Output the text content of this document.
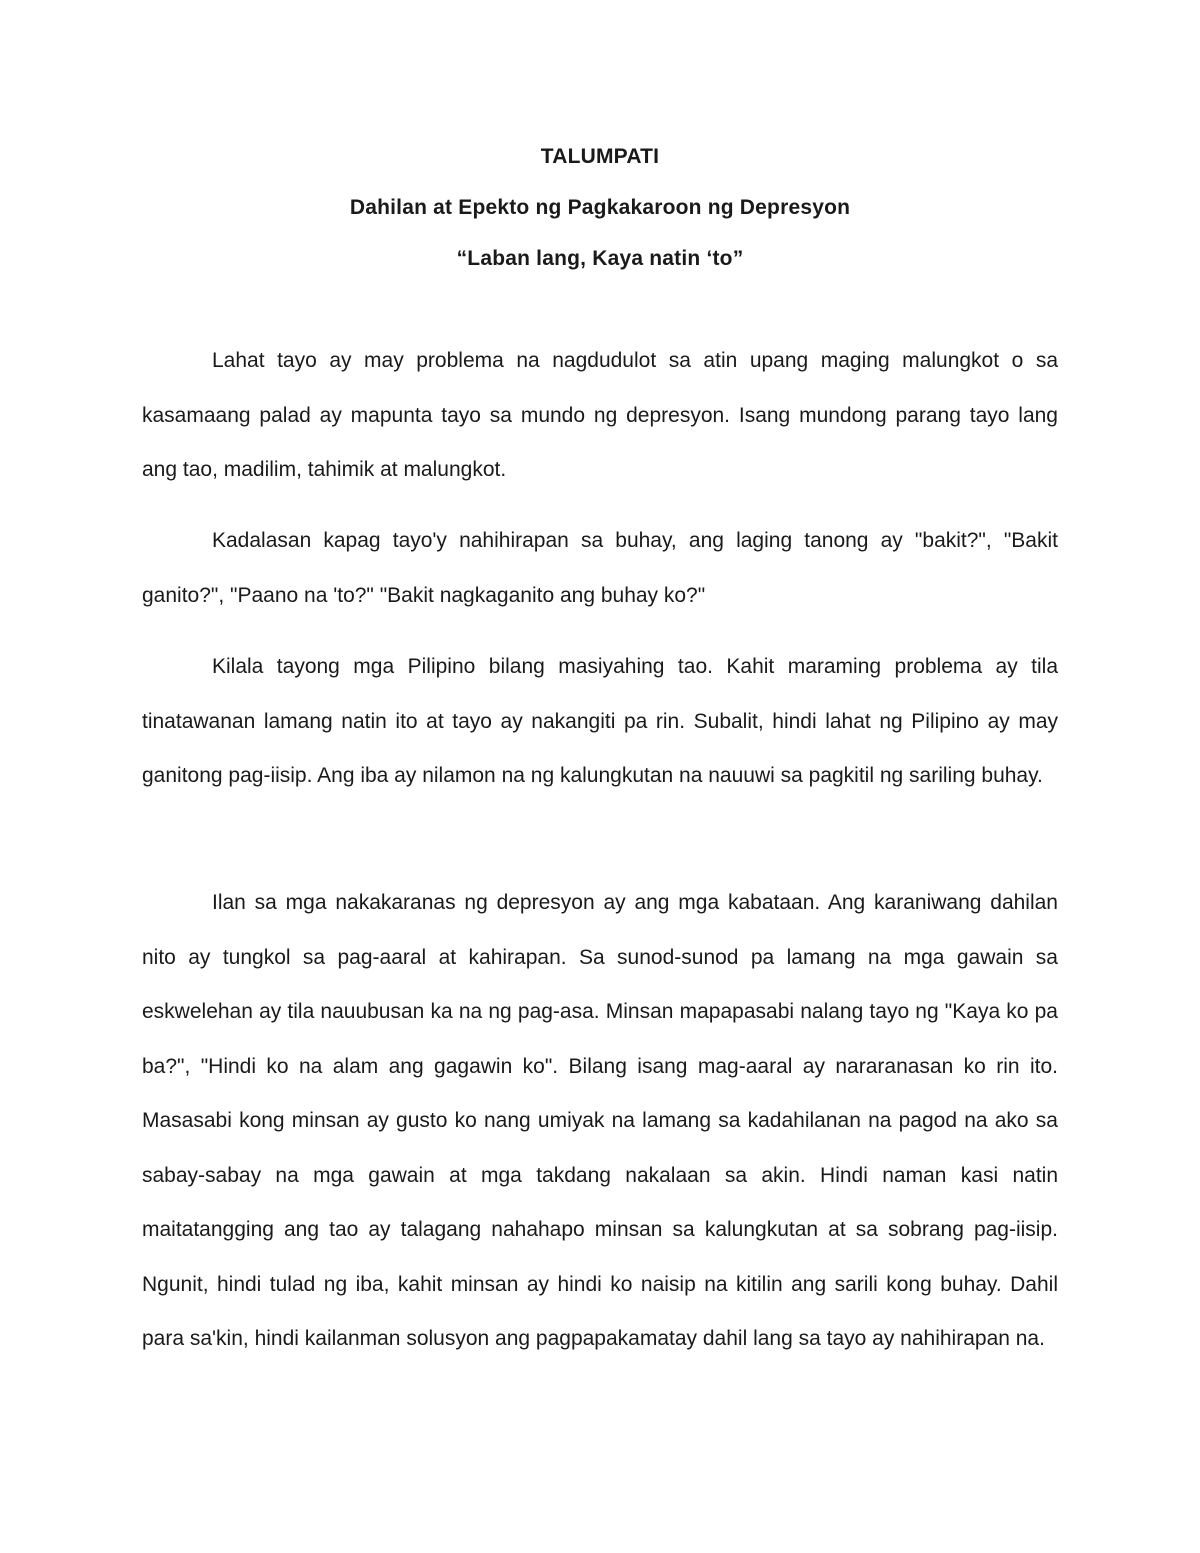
TALUMPATI
Dahilan at Epekto ng Pagkakaroon ng Depresyon
“Laban lang, Kaya natin ‘to”

Lahat tayo ay may problema na nagdudulot sa atin upang maging malungkot o sa kasamaang palad ay mapunta tayo sa mundo ng depresyon. Isang mundong parang tayo lang ang tao, madilim, tahimik at malungkot.

Kadalasan kapag tayo'y nahihirapan sa buhay, ang laging tanong ay "bakit?", "Bakit ganito?", "Paano na 'to?" "Bakit nagkaganito ang buhay ko?"

Kilala tayong mga Pilipino bilang masiyahing tao. Kahit maraming problema ay tila tinatawanan lamang natin ito at tayo ay nakangiti pa rin. Subalit, hindi lahat ng Pilipino ay may ganitong pag-iisip. Ang iba ay nilamon na ng kalungkutan na nauuwi sa pagkitil ng sariling buhay.

Ilan sa mga nakakaranas ng depresyon ay ang mga kabataan. Ang karaniwang dahilan nito ay tungkol sa pag-aaral at kahirapan. Sa sunod-sunod pa lamang na mga gawain sa eskwelehan ay tila nauubusan ka na ng pag-asa. Minsan mapapasabi nalang tayo ng "Kaya ko pa ba?", "Hindi ko na alam ang gagawin ko". Bilang isang mag-aaral ay nararanasan ko rin ito. Masasabi kong minsan ay gusto ko nang umiyak na lamang sa kadahilanan na pagod na ako sa sabay-sabay na mga gawain at mga takdang nakalaan sa akin. Hindi naman kasi natin maitatangging ang tao ay talagang nahahapo minsan sa kalungkutan at sa sobrang pag-iisip. Ngunit, hindi tulad ng iba, kahit minsan ay hindi ko naisip na kitilin ang sarili kong buhay. Dahil para sa'kin, hindi kailanman solusyon ang pagpapakamatay dahil lang sa tayo ay nahihirapan na.
